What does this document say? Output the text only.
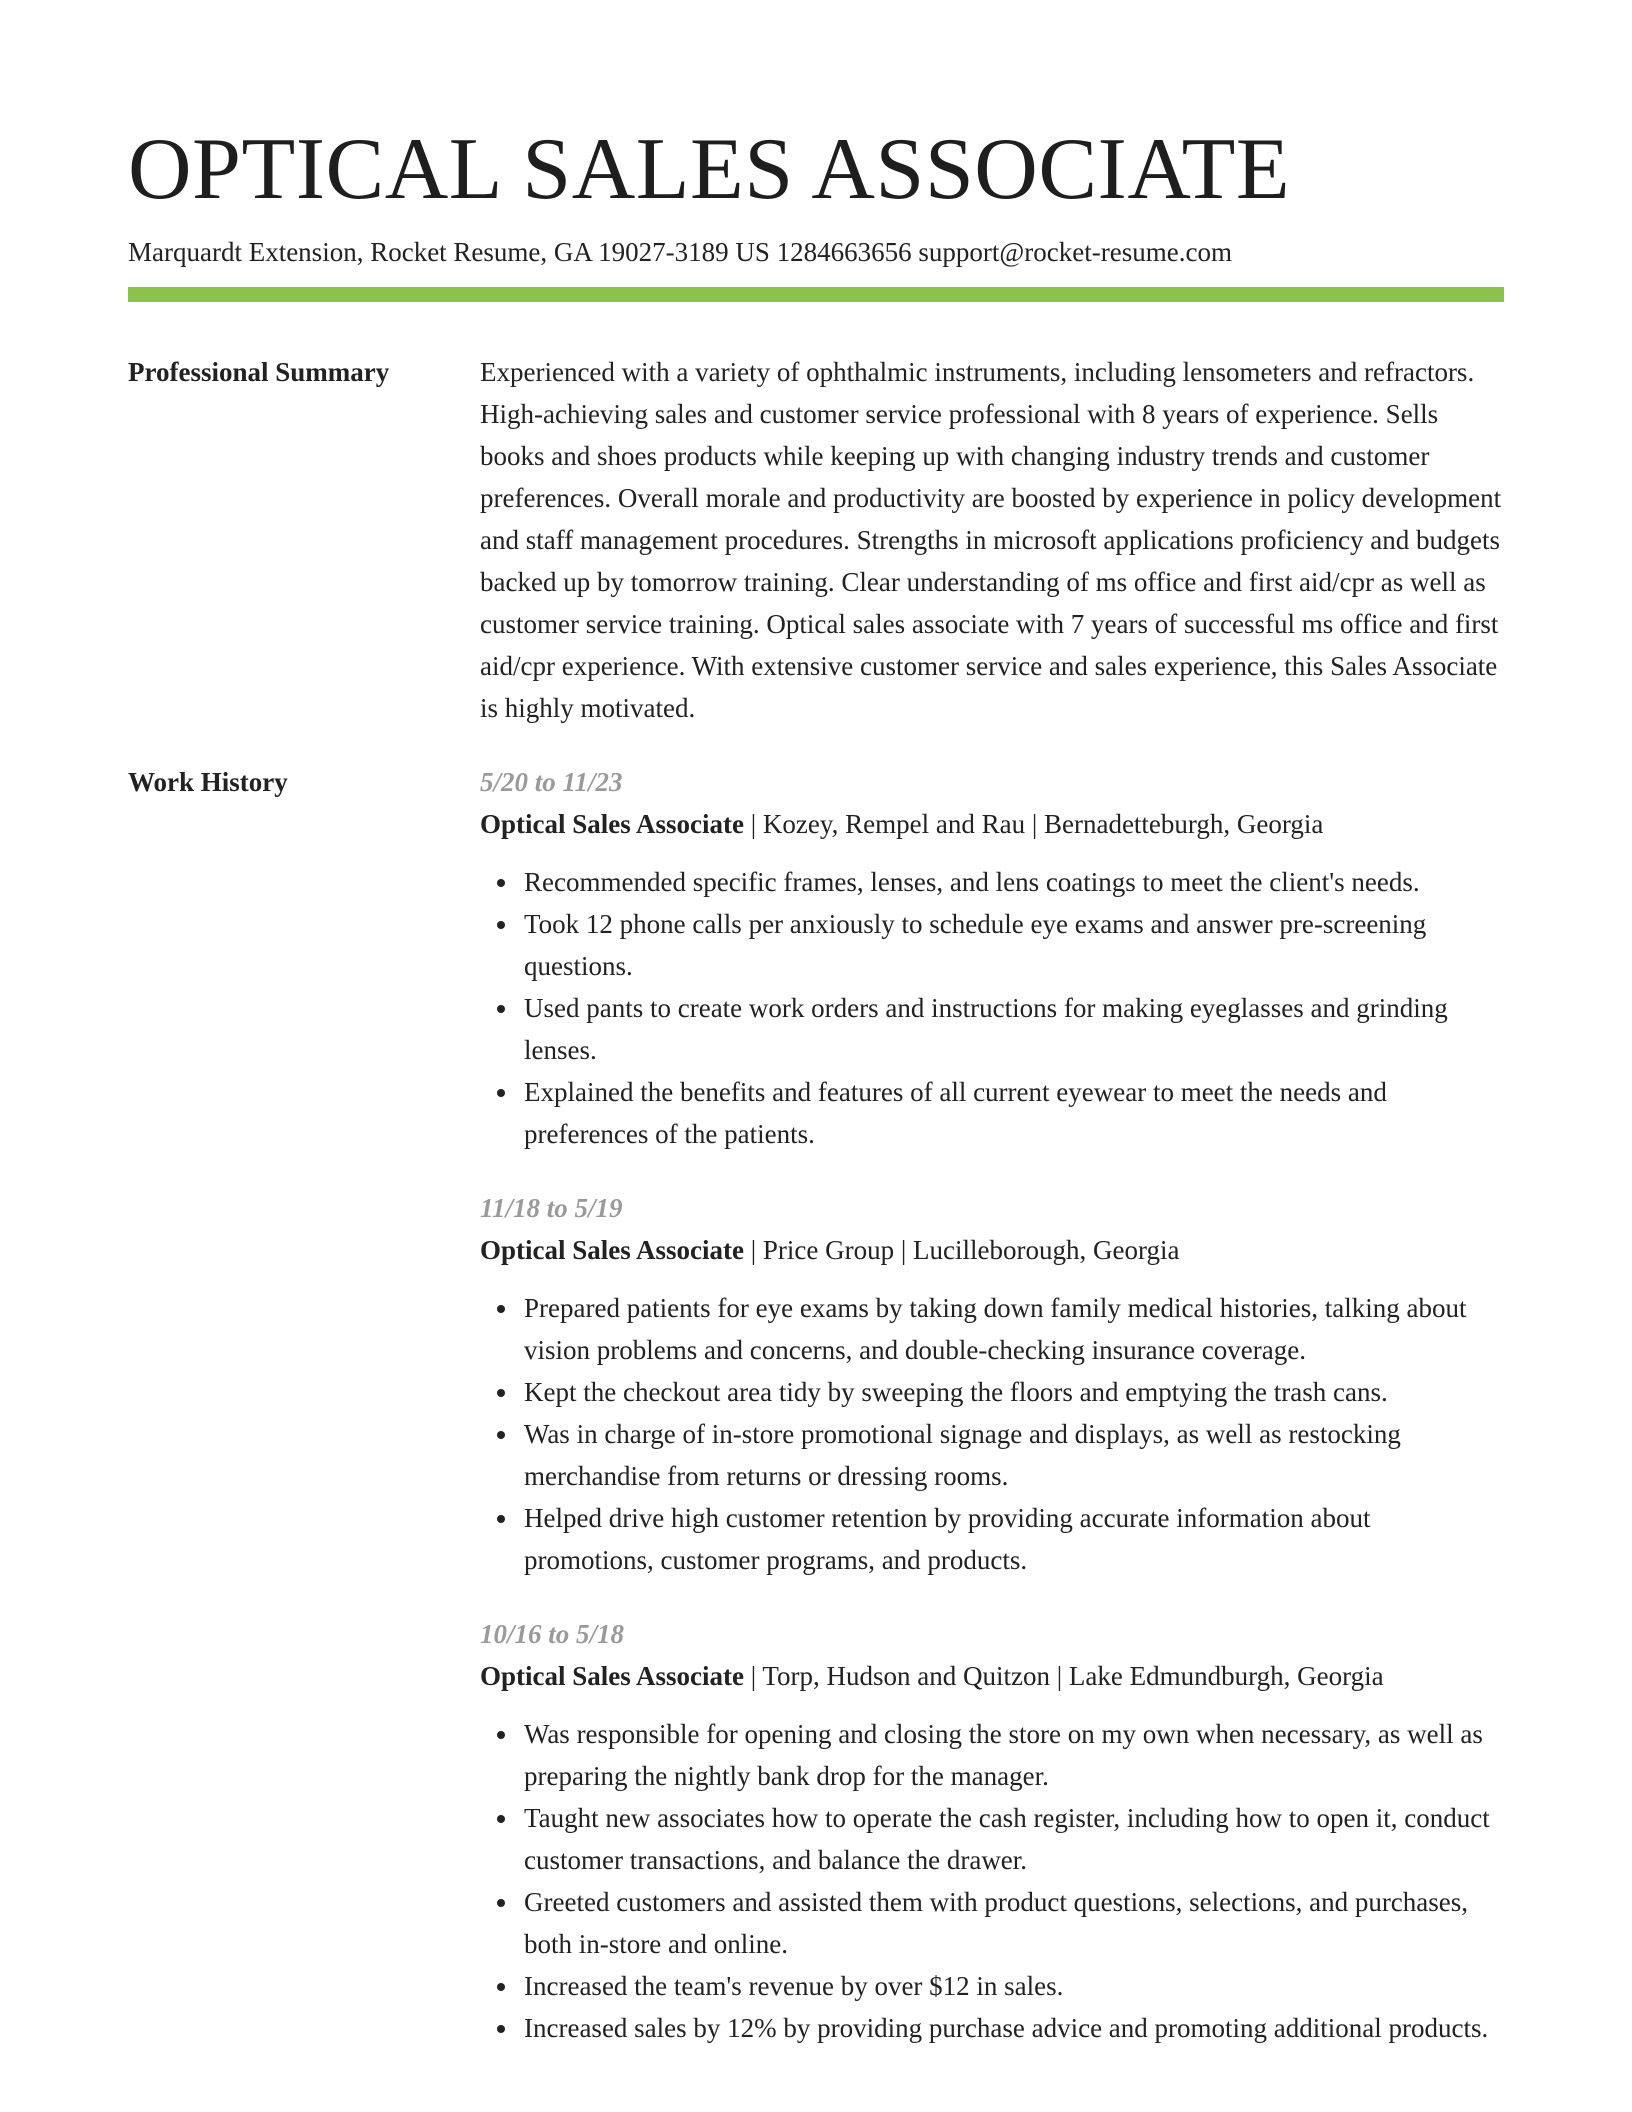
OPTICAL SALES ASSOCIATE
Marquardt Extension, Rocket Resume, GA 19027-3189 US 1284663656 support@rocket-resume.com
Professional Summary	Experienced with a variety of ophthalmic instruments, including lensometers and refractors. High-achieving sales and customer service professional with 8 years of experience. Sells books and shoes products while keeping up with changing industry trends and customer preferences. Overall morale and productivity are boosted by experience in policy development and staff management procedures. Strengths in microsoft applications proficiency and budgets backed up by tomorrow training. Clear understanding of ms office and first aid/cpr as well as customer service training. Optical sales associate with 7 years of successful ms office and first aid/cpr experience. With extensive customer service and sales experience, this Sales Associate is highly motivated.

Work History	5/20 to 11/23
Optical Sales Associate | Kozey, Rempel and Rau | Bernadetteburgh, Georgia
Recommended specific frames, lenses, and lens coatings to meet the client's needs.
Took 12 phone calls per anxiously to schedule eye exams and answer pre-screening questions.
Used pants to create work orders and instructions for making eyeglasses and grinding lenses.
Explained the benefits and features of all current eyewear to meet the needs and preferences of the patients.
11/18 to 5/19
Optical Sales Associate | Price Group | Lucilleborough, Georgia
Prepared patients for eye exams by taking down family medical histories, talking about vision problems and concerns, and double-checking insurance coverage.
Kept the checkout area tidy by sweeping the floors and emptying the trash cans.
Was in charge of in-store promotional signage and displays, as well as restocking merchandise from returns or dressing rooms.
Helped drive high customer retention by providing accurate information about promotions, customer programs, and products.
10/16 to 5/18
Optical Sales Associate | Torp, Hudson and Quitzon | Lake Edmundburgh, Georgia
Was responsible for opening and closing the store on my own when necessary, as well as preparing the nightly bank drop for the manager.
Taught new associates how to operate the cash register, including how to open it, conduct customer transactions, and balance the drawer.
Greeted customers and assisted them with product questions, selections, and purchases, both in-store and online.
Increased the team's revenue by over $12 in sales.
Increased sales by 12% by providing purchase advice and promoting additional products.
